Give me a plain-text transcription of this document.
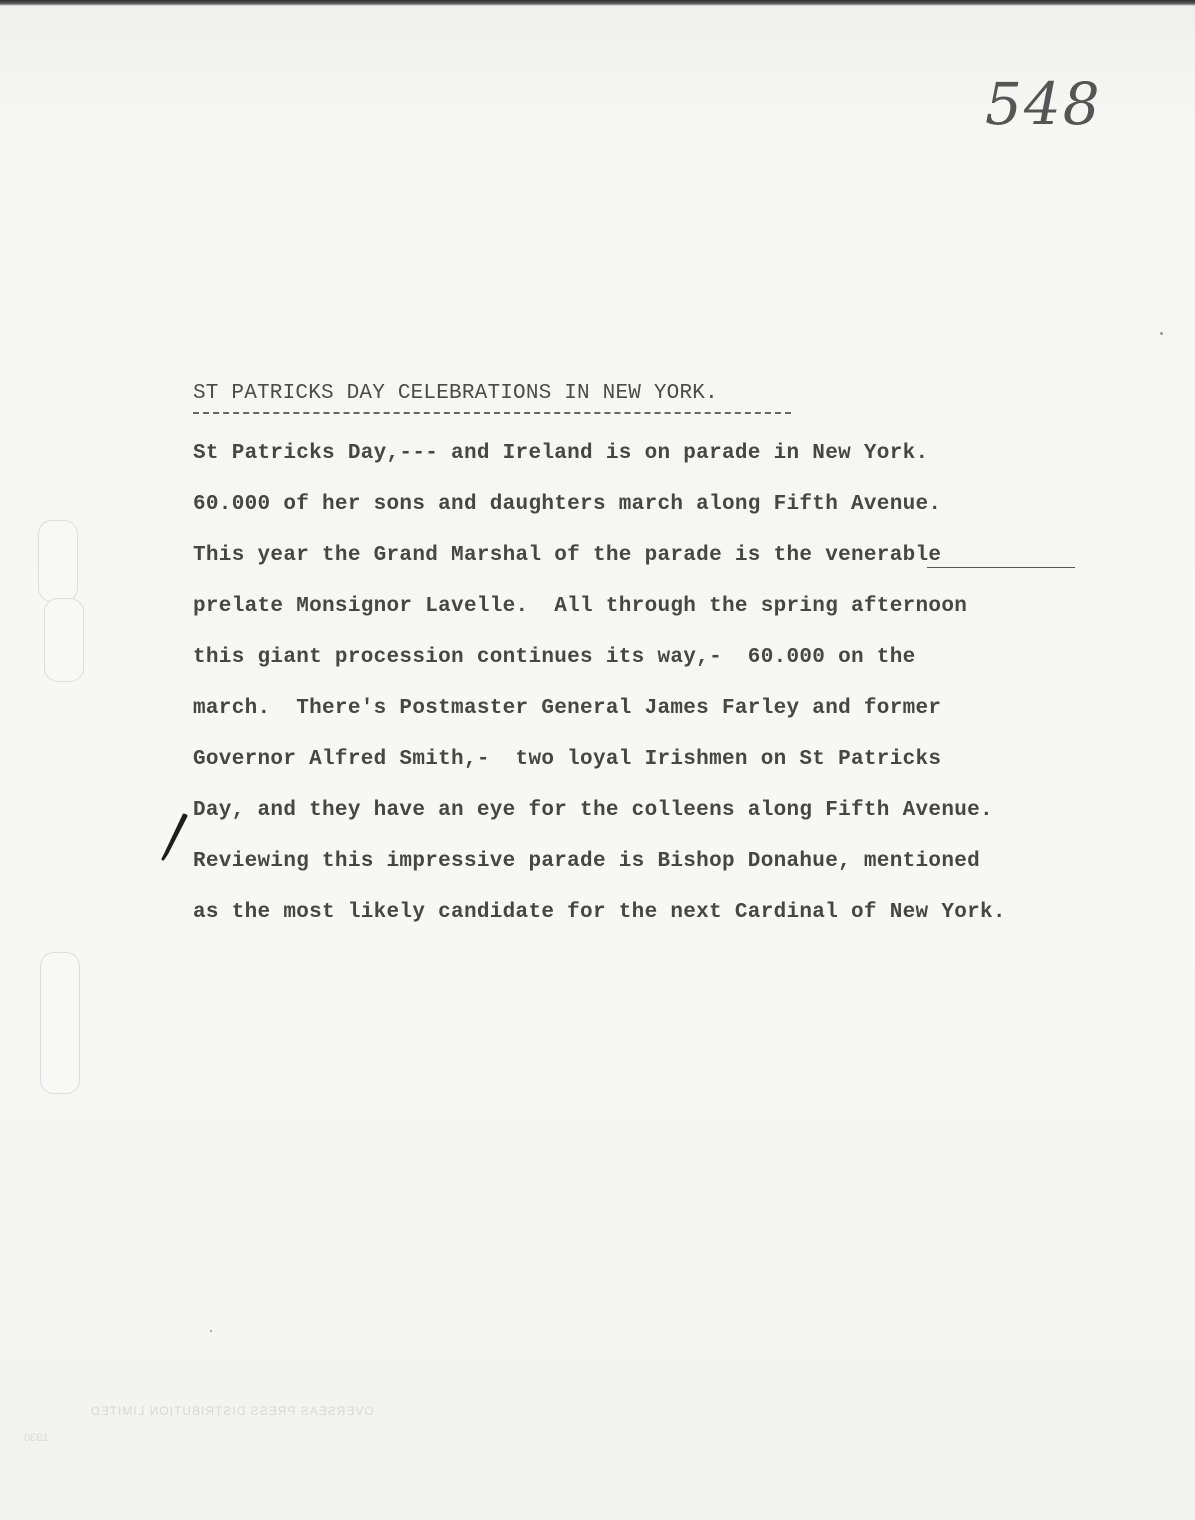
548
ST PATRICKS DAY CELEBRATIONS IN NEW YORK.
St Patricks Day,--- and Ireland is on parade in New York.
60.000 of her sons and daughters march along Fifth Avenue.
This year the Grand Marshal of the parade is the venerable
prelate Monsignor Lavelle.  All through the spring afternoon
this giant procession continues its way,-  60.000 on the
march.  There's Postmaster General James Farley and former
Governor Alfred Smith,-  two loyal Irishmen on St Patricks
Day, and they have an eye for the colleens along Fifth Avenue.
Reviewing this impressive parade is Bishop Donahue, mentioned
as the most likely candidate for the next Cardinal of New York.
OVERSEAS PRESS DISTRIBUTION LIMITED
1930
